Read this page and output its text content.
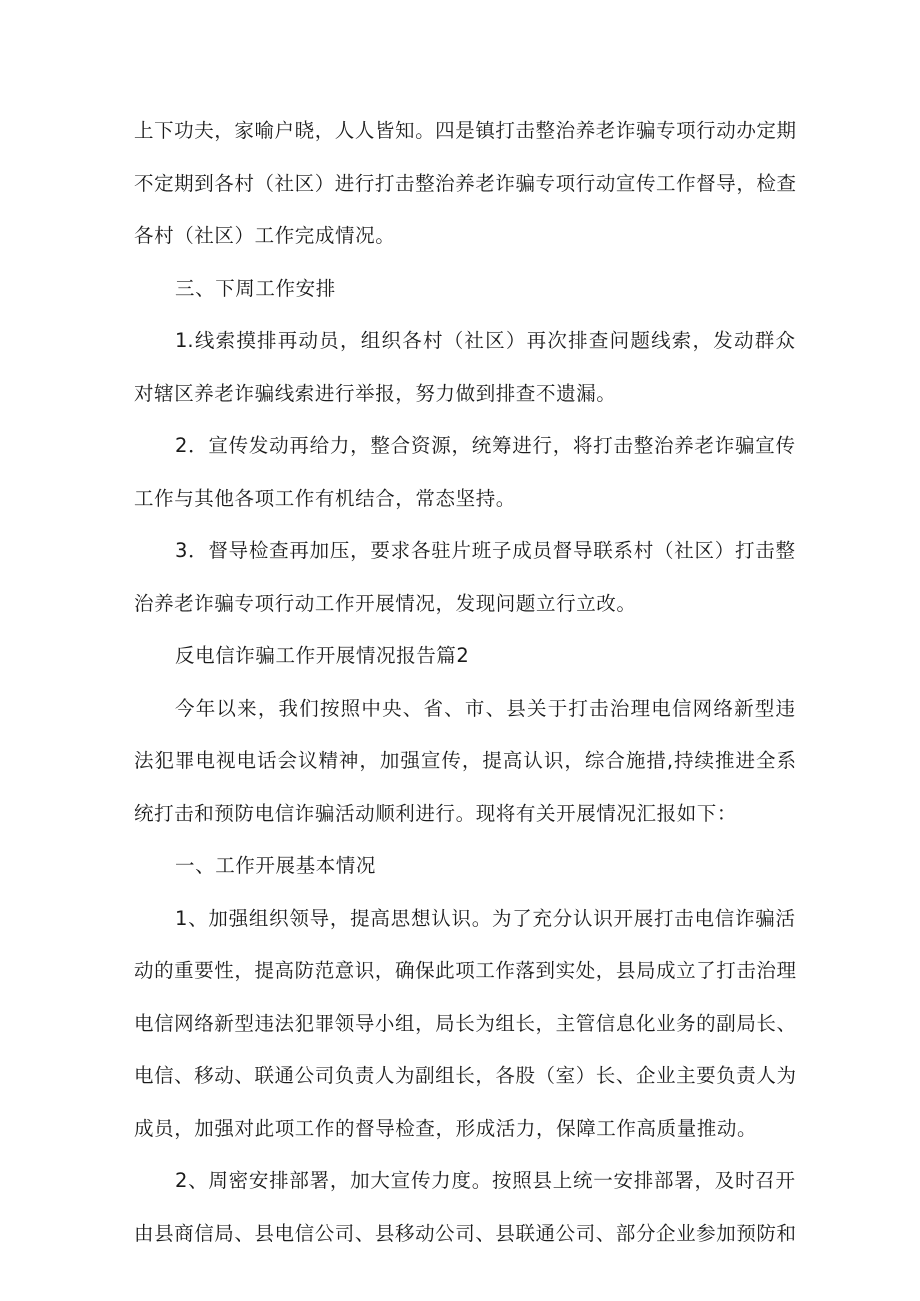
上下功夫，家喻户晓，人人皆知。四是镇打击整治养老诈骗专项行动办定期
不定期到各村（社区）进行打击整治养老诈骗专项行动宣传工作督导，检查
各村（社区）工作完成情况。
三、下周工作安排
1.线索摸排再动员，组织各村（社区）再次排查问题线索，发动群众
对辖区养老诈骗线索进行举报，努力做到排查不遗漏。
2．宣传发动再给力，整合资源，统筹进行，将打击整治养老诈骗宣传
工作与其他各项工作有机结合，常态坚持。
3．督导检查再加压，要求各驻片班子成员督导联系村（社区）打击整
治养老诈骗专项行动工作开展情况，发现问题立行立改。
反电信诈骗工作开展情况报告篇2
今年以来，我们按照中央、省、市、县关于打击治理电信网络新型违
法犯罪电视电话会议精神，加强宣传，提高认识，综合施措,持续推进全系
统打击和预防电信诈骗活动顺利进行。现将有关开展情况汇报如下：
一、工作开展基本情况
1、加强组织领导，提高思想认识。为了充分认识开展打击电信诈骗活
动的重要性，提高防范意识，确保此项工作落到实处，县局成立了打击治理
电信网络新型违法犯罪领导小组，局长为组长，主管信息化业务的副局长、
电信、移动、联通公司负责人为副组长，各股（室）长、企业主要负责人为
成员，加强对此项工作的督导检查，形成活力，保障工作高质量推动。
2、周密安排部署，加大宣传力度。按照县上统一安排部署，及时召开
由县商信局、县电信公司、县移动公司、县联通公司、部分企业参加预防和
